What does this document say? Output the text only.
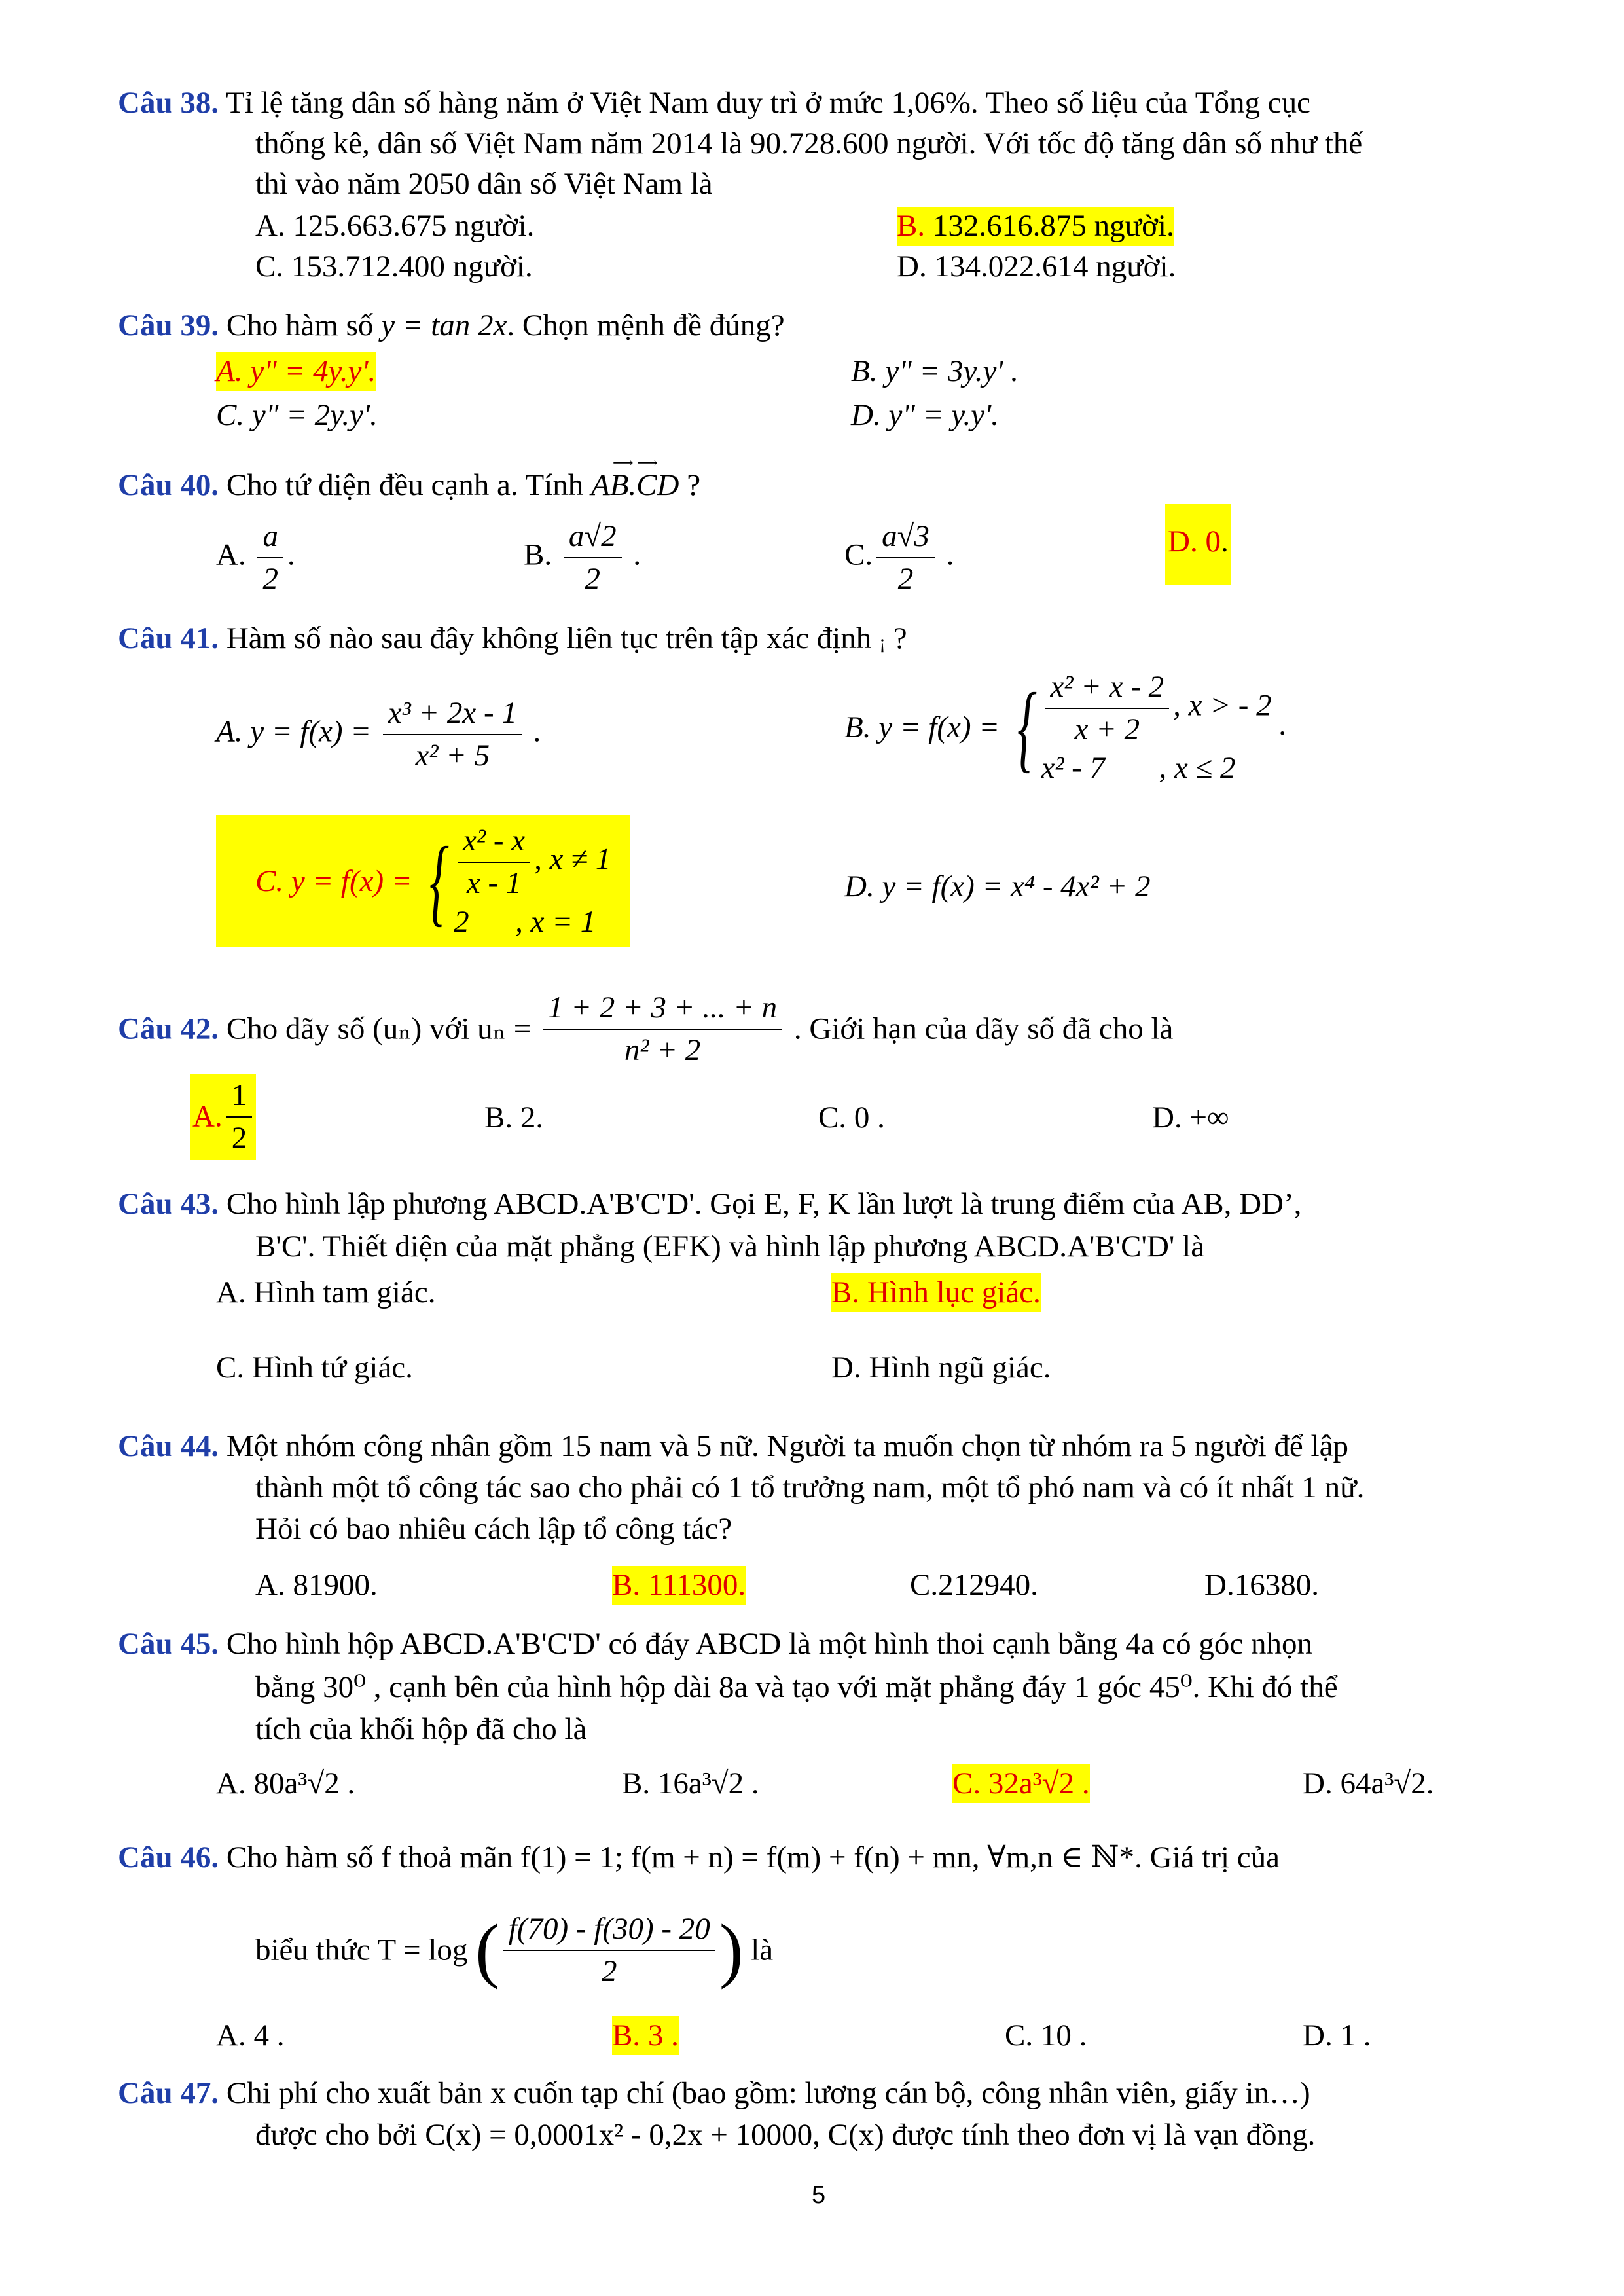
Câu 38. Tỉ lệ tăng dân số hàng năm ở Việt Nam duy trì ở mức 1,06%. Theo số liệu của Tổng cục
thống kê, dân số Việt Nam năm 2014 là 90.728.600 người. Với tốc độ tăng dân số như thế
thì vào năm 2050 dân số Việt Nam là
A. 125.663.675 người.	B. 132.616.875 người.
C. 153.712.400 người.	D. 134.022.614 người.
Câu 39. Cho hàm số y = tan 2x. Chọn mệnh đề đúng?
A. y" = 4y.y'.	B. y" = 3y.y' .
C. y" = 2y.y'.	D. y" = y.y'.
Câu 40. Cho tứ diện đều cạnh a. Tính
⟶ ⟶
AB.CD ?
A. $\frac{a}{2}$ .	B. $\frac{a√2}{2}$ .	C. $\frac{a√3}{2}$ .	D. 0.
Câu 41. Hàm số nào sau đây không liên tục trên tập xác định ¡ ?
A. $y = f(x) = \frac{\text{x³ + 2x - 1}}{\text{x² + 5}}$ .	B. y = f(x) = { $\frac{\text{x² + x - 2}}{x + 2}$ , x > - 2
x² - 7 , x ≤ 2
.
C. y = f(x) = { $\frac{\text{x² - x}}{x - 1}$ , x ≠ 1
2 , x = 1
D. y = f(x) = x⁴ - 4x² + 2
Câu 42. Cho dãy số (uₙ) với $u_n = \frac{1 + 2 + 3 + ... + n}{\text{n² + 2}}$ . Giới hạn của dãy số đã cho là
A. $\frac{1}{2}$	B. 2.	C. 0 .	D. +∞
Câu 43. Cho hình lập phương ABCD.A'B'C'D'. Gọi E, F, K lần lượt là trung điểm của AB, DD’,
B'C'. Thiết diện của mặt phẳng (EFK) và hình lập phương ABCD.A'B'C'D' là
A. Hình tam giác.	B. Hình lục giác.
C. Hình tứ giác.	D. Hình ngũ giác.
Câu 44. Một nhóm công nhân gồm 15 nam và 5 nữ. Người ta muốn chọn từ nhóm ra 5 người để lập
thành một tổ công tác sao cho phải có 1 tổ trưởng nam, một tổ phó nam và có ít nhất 1 nữ.
Hỏi có bao nhiêu cách lập tổ công tác?
A. 81900.	B. 111300.	C.212940.	D.16380.
Câu 45. Cho hình hộp ABCD.A'B'C'D' có đáy ABCD là một hình thoi cạnh bằng 4a có góc nhọn
bằng 30⁰ , cạnh bên của hình hộp dài 8a và tạo với mặt phẳng đáy 1 góc 45⁰. Khi đó thể
tích của khối hộp đã cho là
A. 80a³√2 .	B. 16a³√2 .	C. 32a³√2 .	D. 64a³√2.
Câu 46. Cho hàm số f thoả mãn f(1) = 1; f(m + n) = f(m) + f(n) + mn, ∀m,n ∈ ℕ*. Giá trị của
biểu thức T = log ( $\frac{f(70) - f(30) - 20}{2}$ ) là
A. 4 .	B. 3 .	C. 10 .	D. 1 .
Câu 47. Chi phí cho xuất bản x cuốn tạp chí (bao gồm: lương cán bộ, công nhân viên, giấy in…)
được cho bởi C(x) = 0,0001x² - 0,2x + 10000, C(x) được tính theo đơn vị là vạn đồng.
5
